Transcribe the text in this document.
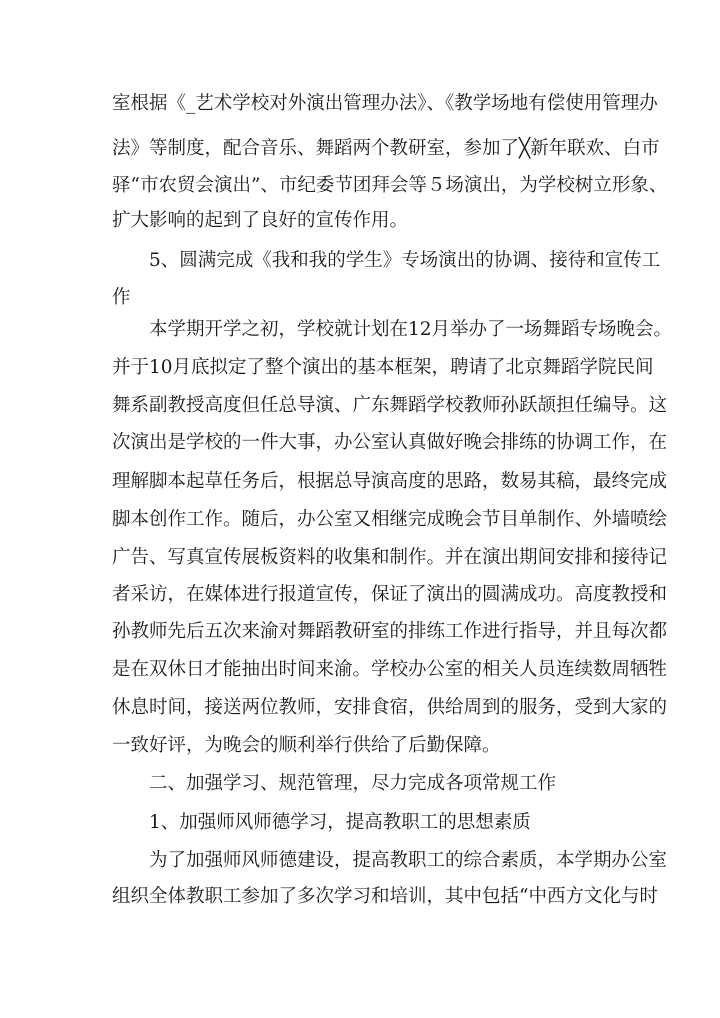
室根据《_艺术学校对外演出管理办法》、《教学场地有偿使用管理办
法》等制度，配合音乐、舞蹈两个教研室，参加了╳新年联欢、白市
驿“市农贸会演出”、市纪委节团拜会等５场演出，为学校树立形象、
扩大影响的起到了良好的宣传作用。
5、圆满完成《我和我的学生》专场演出的协调、接待和宣传工
作
本学期开学之初，学校就计划在12月举办了一场舞蹈专场晚会。
并于10月底拟定了整个演出的基本框架，聘请了北京舞蹈学院民间
舞系副教授高度但任总导演、广东舞蹈学校教师孙跃颉担任编导。这
次演出是学校的一件大事，办公室认真做好晚会排练的协调工作，在
理解脚本起草任务后，根据总导演高度的思路，数易其稿，最终完成
脚本创作工作。随后，办公室又相继完成晚会节目单制作、外墙喷绘
广告、写真宣传展板资料的收集和制作。并在演出期间安排和接待记
者采访，在媒体进行报道宣传，保证了演出的圆满成功。高度教授和
孙教师先后五次来渝对舞蹈教研室的排练工作进行指导，并且每次都
是在双休日才能抽出时间来渝。学校办公室的相关人员连续数周牺牲
休息时间，接送两位教师，安排食宿，供给周到的服务，受到大家的
一致好评，为晚会的顺利举行供给了后勤保障。
二、加强学习、规范管理，尽力完成各项常规工作
1、加强师风师德学习，提高教职工的思想素质
为了加强师风师德建设，提高教职工的综合素质，本学期办公室
组织全体教职工参加了多次学习和培训，其中包括“中西方文化与时
